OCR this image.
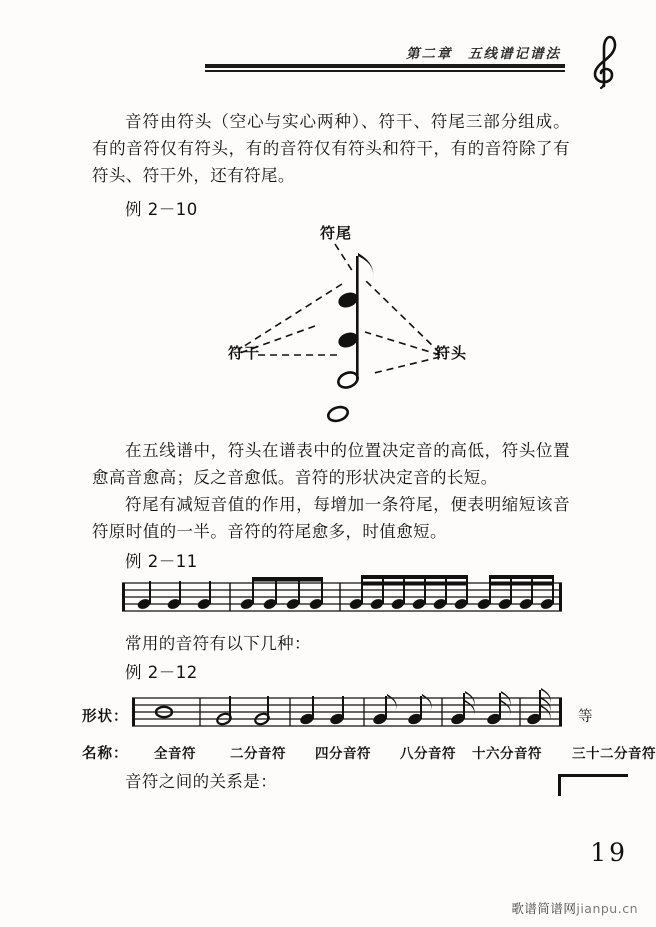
第二章　五线谱记谱法
音符由符头（空心与实心两种）、符干、符尾三部分组成。有的音符仅有符头，有的音符仅有符头和符干，有的音符除了有符头、符干外，还有符尾。
例 2－10
符尾
符干	符头
在五线谱中，符头在谱表中的位置决定音的高低，符头位置愈高音愈高；反之音愈低。音符的形状决定音的长短。
符尾有减短音值的作用，每增加一条符尾，便表明缩短该音符原时值的一半。音符的符尾愈多，时值愈短。
例 2－11
常用的音符有以下几种：
例 2－12
形状：	等
名称： 全音符	二分音符 四分音符 八分音符 十六分音符 三十二分音符
音符之间的关系是：
19
歌谱简谱网jianpu.cn
